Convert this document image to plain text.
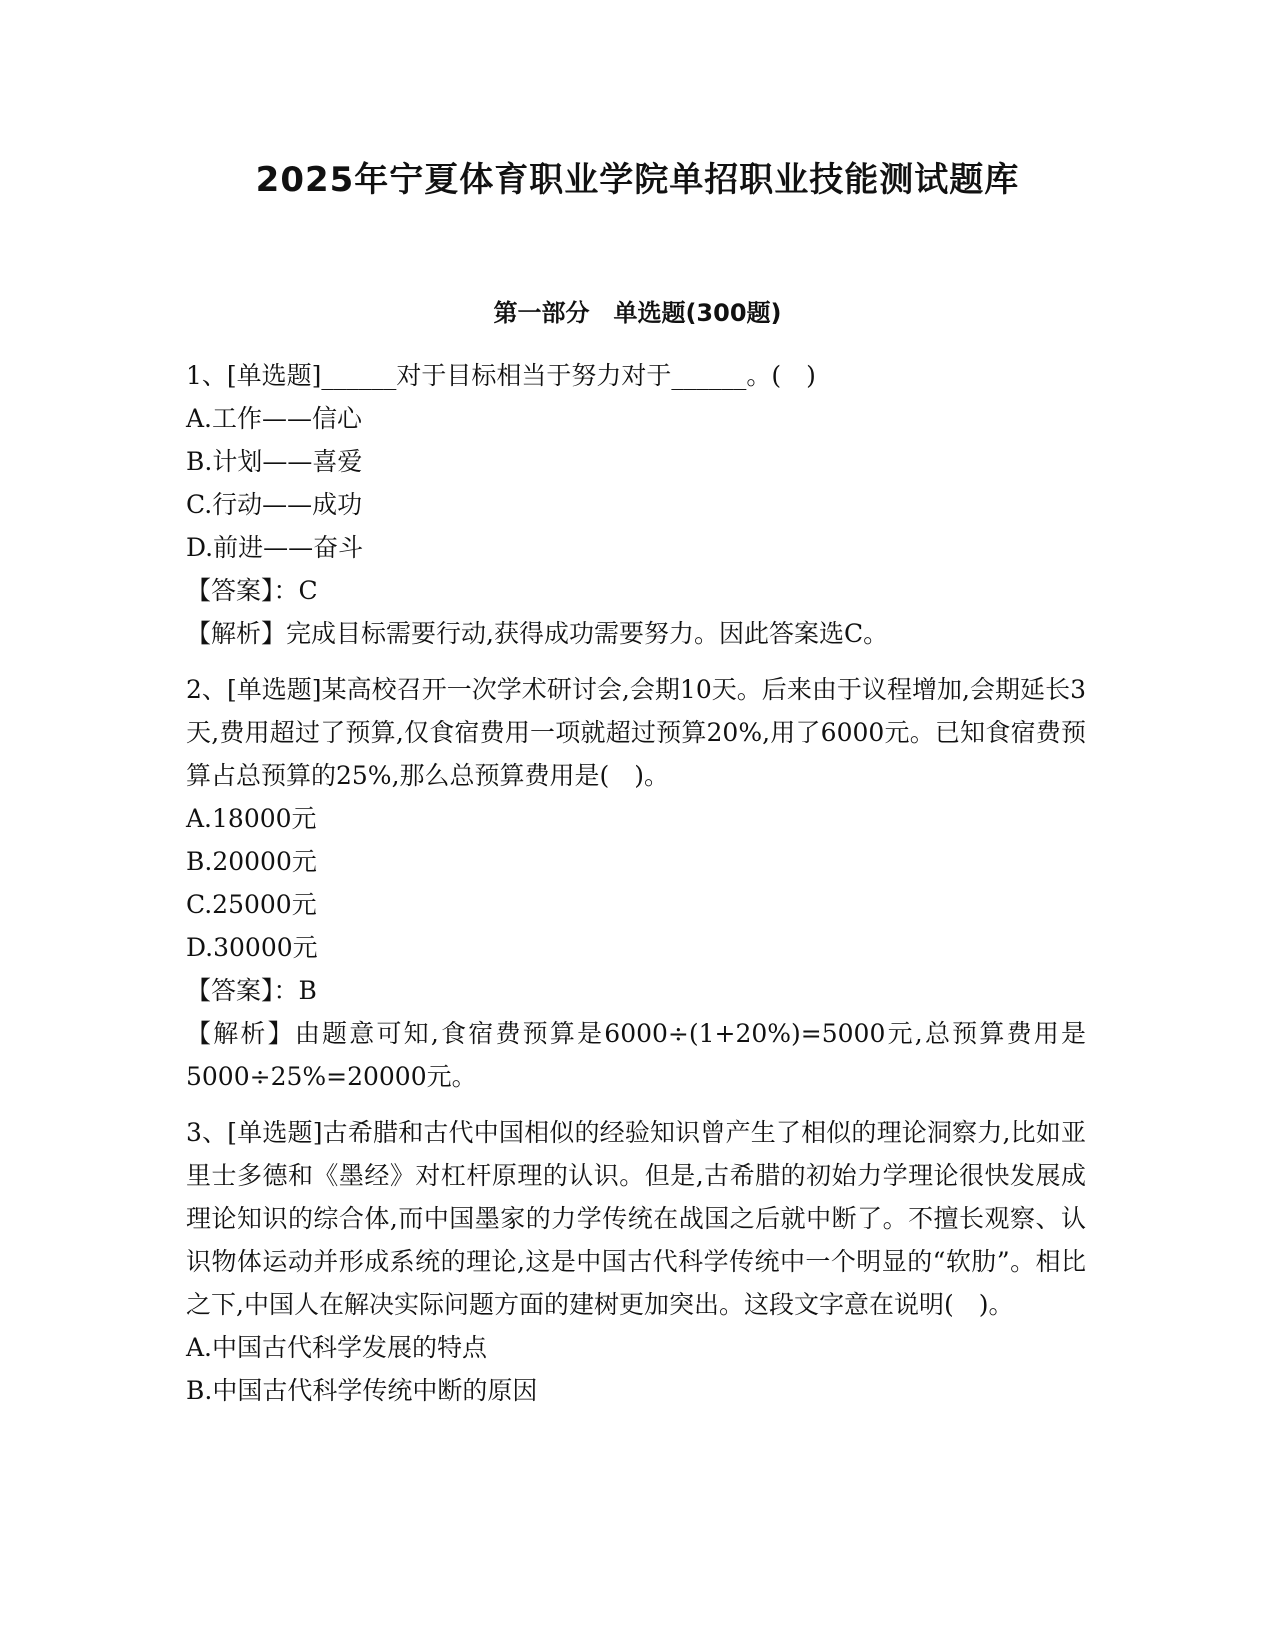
2025年宁夏体育职业学院单招职业技能测试题库
第一部分　单选题(300题)

1、[单选题]______对于目标相当于努力对于______。(　)

A.工作——信心

B.计划——喜爱

C.行动——成功

D.前进——奋斗

【答案】：C

【解析】完成目标需要行动,获得成功需要努力。因此答案选C。

2、[单选题]某高校召开一次学术研讨会,会期10天。后来由于议程增加,会期延长3天,费用超过了预算,仅食宿费用一项就超过预算20%,用了6000元。已知食宿费预算占总预算的25%,那么总预算费用是(　)。

A.18000元

B.20000元

C.25000元

D.30000元

【答案】：B

【解析】由题意可知,食宿费预算是6000÷(1+20%)=5000元,总预算费用是5000÷25%=20000元。

3、[单选题]古希腊和古代中国相似的经验知识曾产生了相似的理论洞察力,比如亚里士多德和《墨经》对杠杆原理的认识。但是,古希腊的初始力学理论很快发展成理论知识的综合体,而中国墨家的力学传统在战国之后就中断了。不擅长观察、认识物体运动并形成系统的理论,这是中国古代科学传统中一个明显的“软肋”。相比之下,中国人在解决实际问题方面的建树更加突出。这段文字意在说明(　)。

A.中国古代科学发展的特点

B.中国古代科学传统中断的原因
